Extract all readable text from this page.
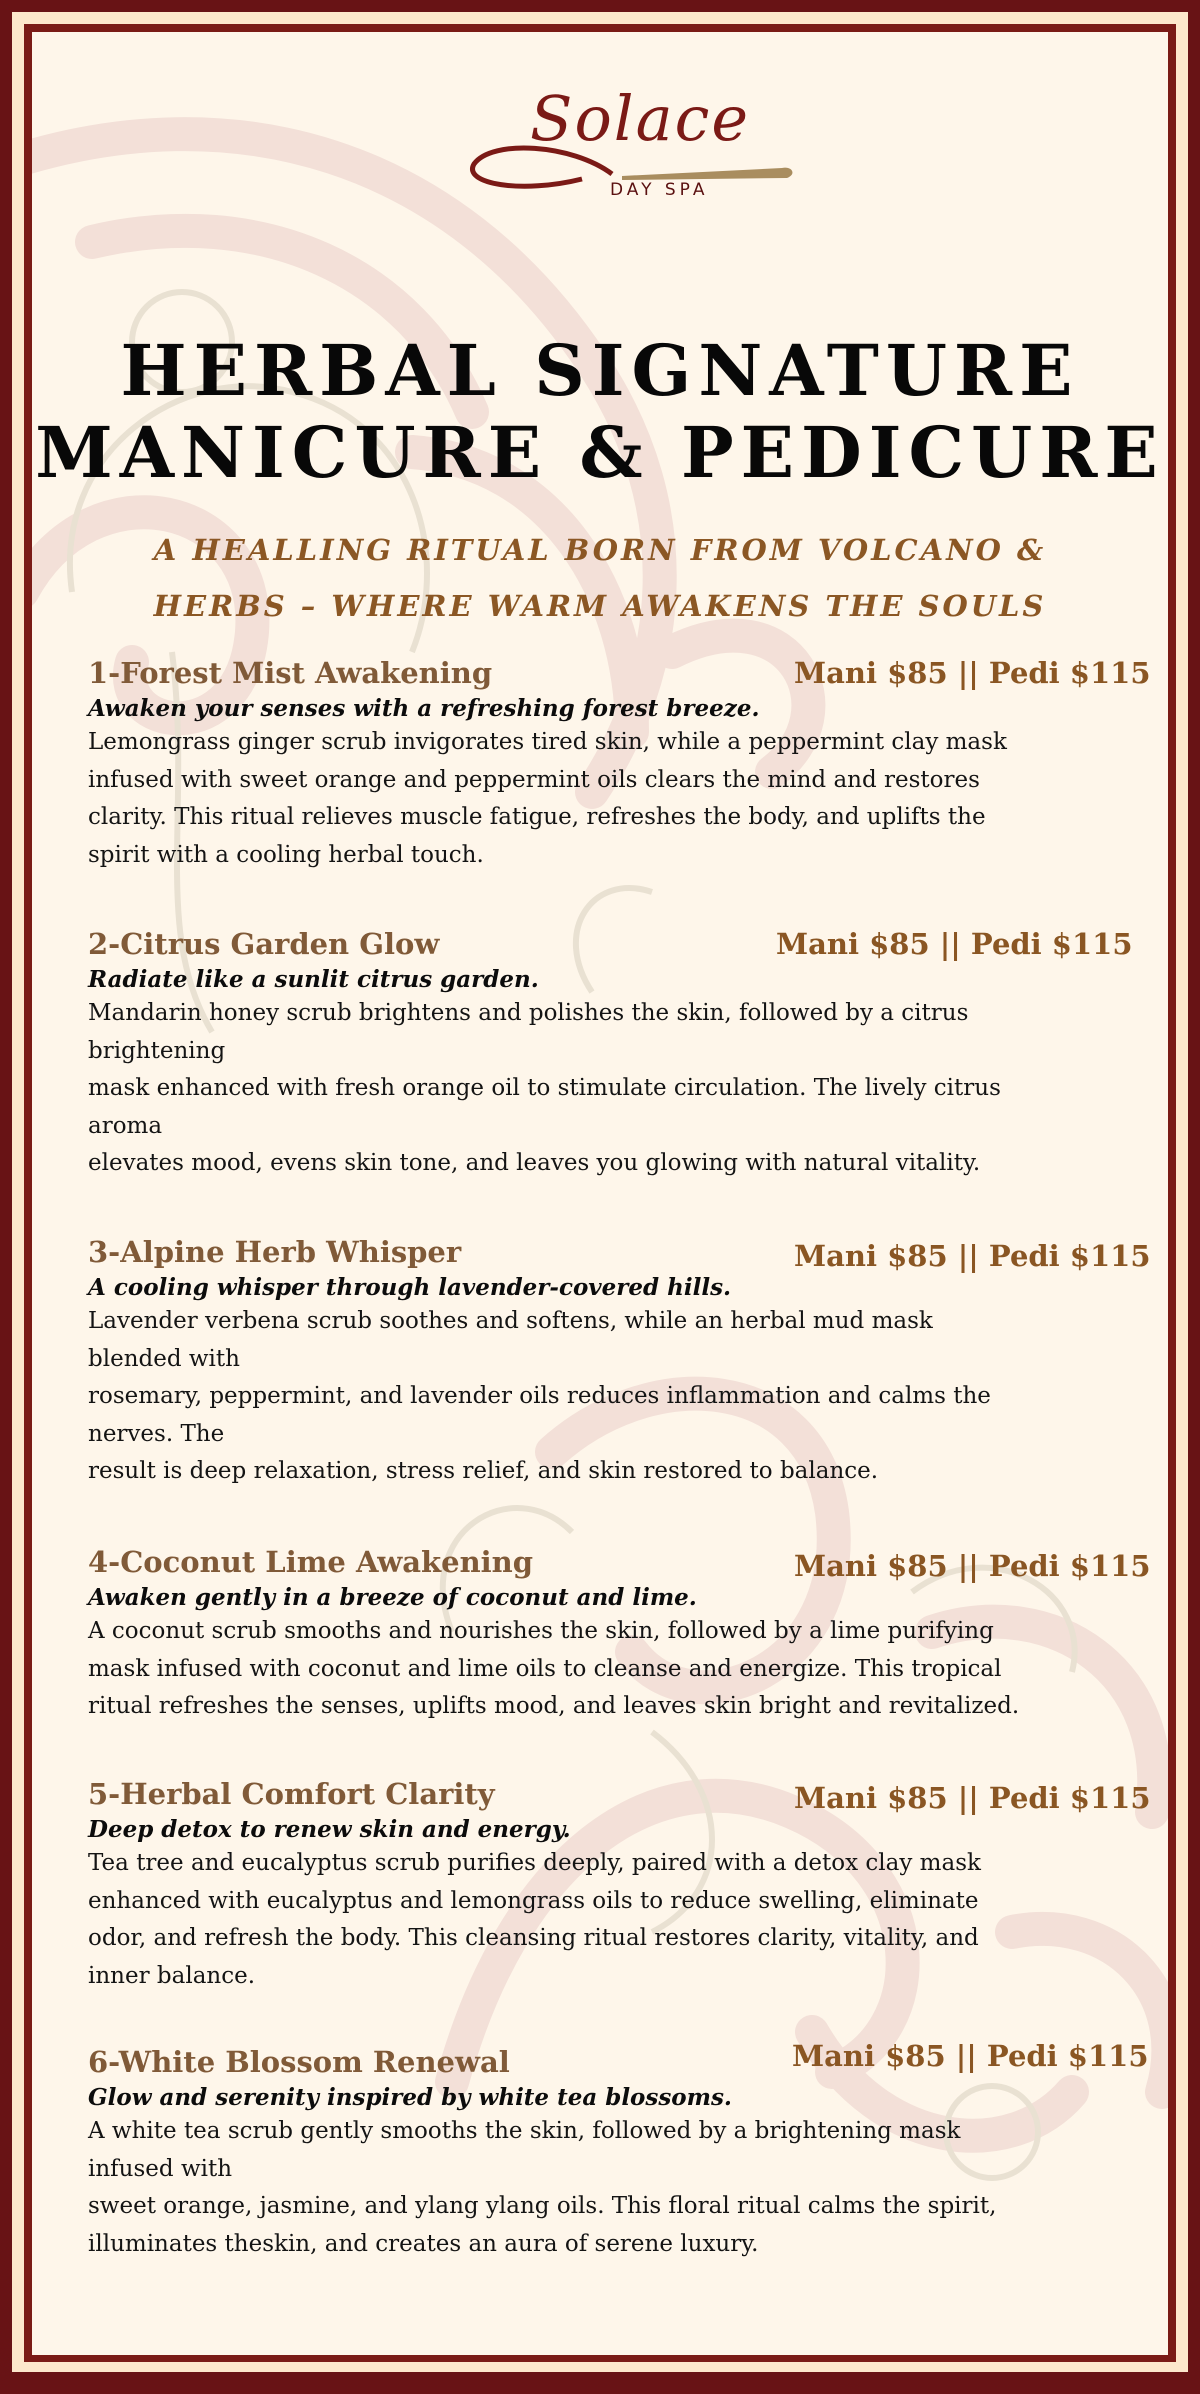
Solace
DAY SPA
HERBAL SIGNATURE
MANICURE & PEDICURE
A HEALLING RITUAL BORN FROM VOLCANO &
HERBS – WHERE WARM AWAKENS THE SOULS
1-Forest Mist Awakening	Mani $85 || Pedi $115
Awaken your senses with a refreshing forest breeze.
Lemongrass ginger scrub invigorates tired skin, while a peppermint clay mask
infused with sweet orange and peppermint oils clears the mind and restores
clarity. This ritual relieves muscle fatigue, refreshes the body, and uplifts the
spirit with a cooling herbal touch.
2-Citrus Garden Glow	Mani $85 || Pedi $115
Radiate like a sunlit citrus garden.
Mandarin honey scrub brightens and polishes the skin, followed by a citrus
brightening
mask enhanced with fresh orange oil to stimulate circulation. The lively citrus
aroma
elevates mood, evens skin tone, and leaves you glowing with natural vitality.
3-Alpine Herb Whisper	Mani $85 || Pedi $115
A cooling whisper through lavender-covered hills.
Lavender verbena scrub soothes and softens, while an herbal mud mask
blended with
rosemary, peppermint, and lavender oils reduces inflammation and calms the
nerves. The
result is deep relaxation, stress relief, and skin restored to balance.
4-Coconut Lime Awakening	Mani $85 || Pedi $115
Awaken gently in a breeze of coconut and lime.
A coconut scrub smooths and nourishes the skin, followed by a lime purifying
mask infused with coconut and lime oils to cleanse and energize. This tropical
ritual refreshes the senses, uplifts mood, and leaves skin bright and revitalized.
5-Herbal Comfort Clarity	Mani $85 || Pedi $115
Deep detox to renew skin and energy.
Tea tree and eucalyptus scrub purifies deeply, paired with a detox clay mask
enhanced with eucalyptus and lemongrass oils to reduce swelling, eliminate
odor, and refresh the body. This cleansing ritual restores clarity, vitality, and
inner balance.
6-White Blossom Renewal	Mani $85 || Pedi $115
Glow and serenity inspired by white tea blossoms.
A white tea scrub gently smooths the skin, followed by a brightening mask
infused with
sweet orange, jasmine, and ylang ylang oils. This floral ritual calms the spirit,
illuminates theskin, and creates an aura of serene luxury.
